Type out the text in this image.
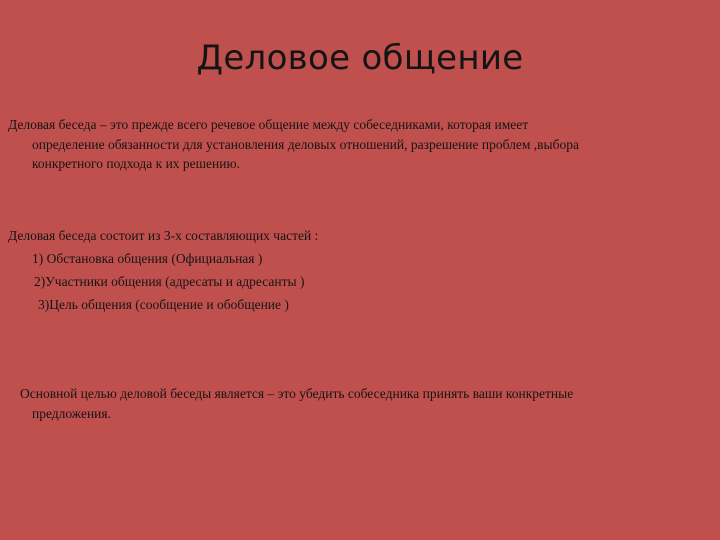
Деловое общение
Деловая беседа – это прежде всего речевое общение между собеседниками, которая имеет
определение обязанности для установления деловых отношений, разрешение проблем ,выбора
конкретного подхода к их решению.
Деловая беседа состоит из 3-х составляющих частей :
1) Обстановка общения (Официальная )
2)Участники общения (адресаты и адресанты )
3)Цель общения (сообщение и обобщение )
Основной целью деловой беседы является – это убедить собеседника принять ваши конкретные
предложения.
